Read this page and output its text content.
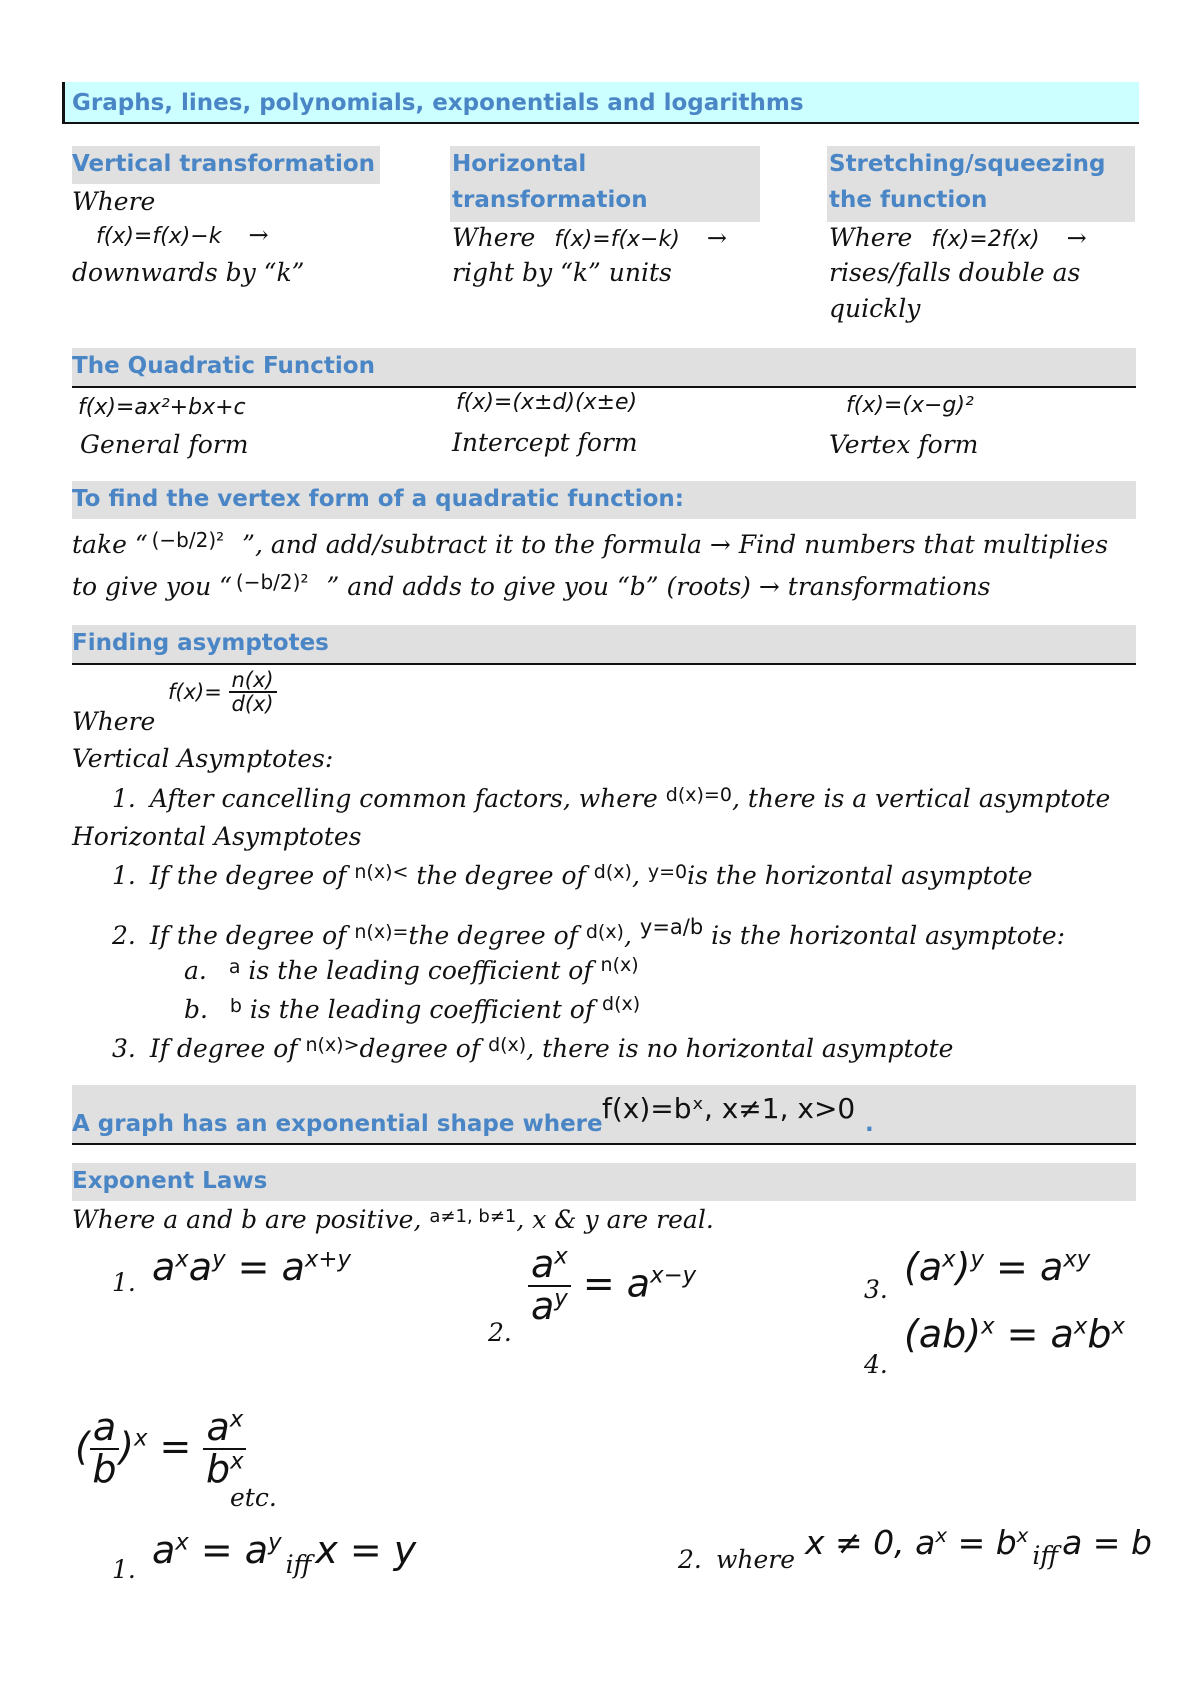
Graphs, lines, polynomials, exponentials and logarithms
Vertical transformation
Where
f(x)=f(x)−k →
downwards by “k”
Horizontal
transformation
Where f(x)=f(x−k) →
right by “k” units
Stretching/squeezing
the function
Where f(x)=2f(x) →
rises/falls double as
quickly
The Quadratic Function
f(x)=ax²+bx+c
General form
f(x)=(x±d)(x±e)
Intercept form
f(x)=(x−g)²
Vertex form
To find the vertex form of a quadratic function:
take “ $^{(-b/2)^2}$ ”, and add/subtract it to the formula → Find numbers that multiplies
to give you “ $^{(-b/2)^2}$ ” and adds to give you “b” (roots) → transformations
Finding asymptotes
$f(x)= \frac{n(x)}{d(x)}$
Where
Vertical Asymptotes:
1. After cancelling common factors, where $^{d(x)=0}$, there is a vertical asymptote
Horizontal Asymptotes
1. If the degree of $^{n(x)<}$ the degree of $^{d(x)}$, $^{y=0}$is the horizontal asymptote
2. If the degree of $^{n(x)=}$the degree of $^{d(x)}$, $^{y=a/b}$ is the horizontal asymptote:
a. $^a$ is the leading coefficient of $^{n(x)}$
b. $^b$ is the leading coefficient of $^{d(x)}$
3. If degree of $^{n(x)>}$degree of $^{d(x)}$, there is no horizontal asymptote
A graph has an exponential shape where f(x)=bˣ, x≠1, x>0 .
Exponent Laws
Where a and b are positive, $^{a\ne 1, b\ne 1}$, x & y are real.
1. $a^xa^y = a^{x+y}$
2.
$\frac{a^x}{a^y} = a^{x-y}$	3.
$(a^x)^y = a^{xy}$
4.
$(ab)^x = a^xb^x$
( $\frac{a}{b} )^x = \frac{a^x}{b^x}$
etc.
1. $a^x = a^y_{iff}$ x = y	2. where x ≠ 0, $a^x = b^x_{iff}$ a = b
